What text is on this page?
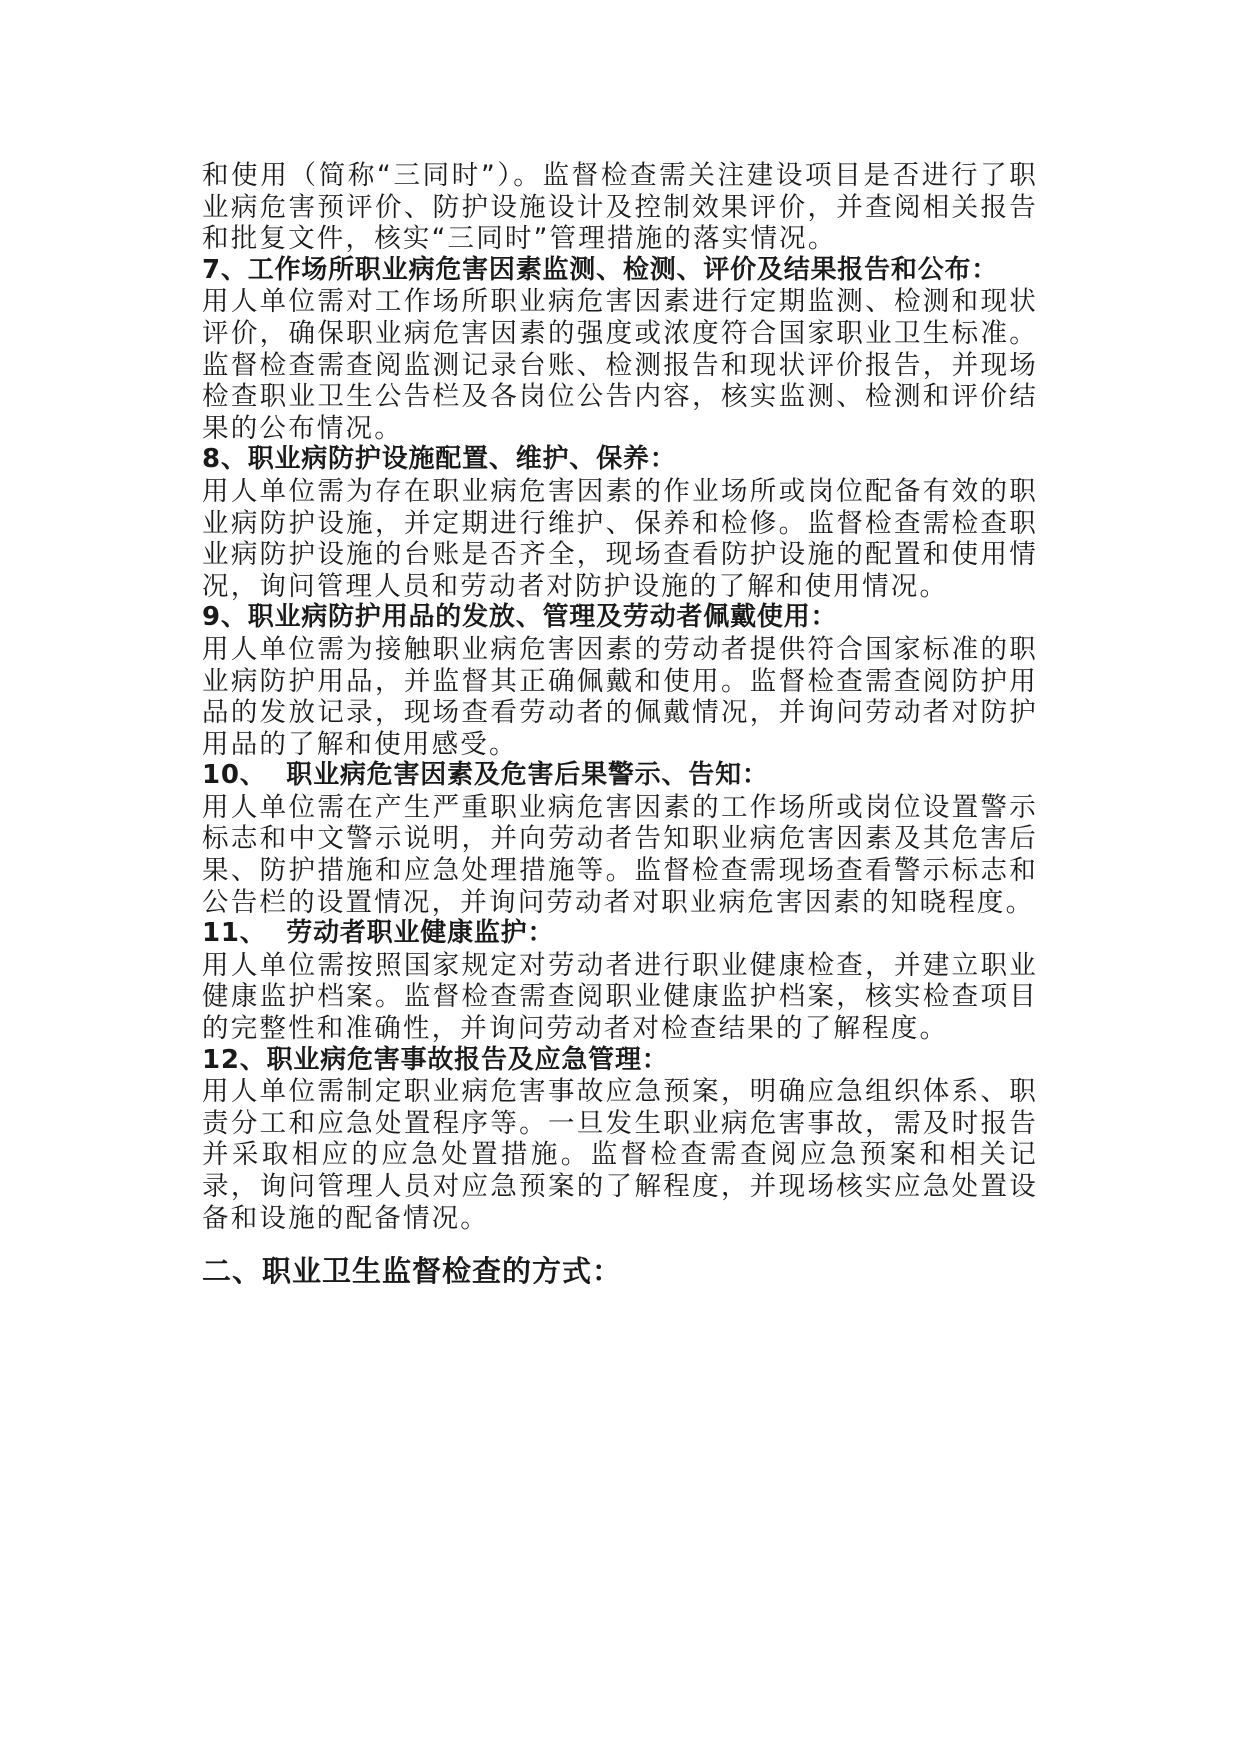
和使用（简称“三同时”）。监督检查需关注建设项目是否进行了职业病危害预评价、防护设施设计及控制效果评价，并查阅相关报告和批复文件，核实“三同时”管理措施的落实情况。

7、工作场所职业病危害因素监测、检测、评价及结果报告和公布：

用人单位需对工作场所职业病危害因素进行定期监测、检测和现状评价，确保职业病危害因素的强度或浓度符合国家职业卫生标准。监督检查需查阅监测记录台账、检测报告和现状评价报告，并现场检查职业卫生公告栏及各岗位公告内容，核实监测、检测和评价结果的公布情况。

8、职业病防护设施配置、维护、保养：

用人单位需为存在职业病危害因素的作业场所或岗位配备有效的职业病防护设施，并定期进行维护、保养和检修。监督检查需检查职业病防护设施的台账是否齐全，现场查看防护设施的配置和使用情况，询问管理人员和劳动者对防护设施的了解和使用情况。

9、职业病防护用品的发放、管理及劳动者佩戴使用：

用人单位需为接触职业病危害因素的劳动者提供符合国家标准的职业病防护用品，并监督其正确佩戴和使用。监督检查需查阅防护用品的发放记录，现场查看劳动者的佩戴情况，并询问劳动者对防护用品的了解和使用感受。

10、  职业病危害因素及危害后果警示、告知：

用人单位需在产生严重职业病危害因素的工作场所或岗位设置警示标志和中文警示说明，并向劳动者告知职业病危害因素及其危害后果、防护措施和应急处理措施等。监督检查需现场查看警示标志和公告栏的设置情况，并询问劳动者对职业病危害因素的知晓程度。

11、  劳动者职业健康监护：

用人单位需按照国家规定对劳动者进行职业健康检查，并建立职业健康监护档案。监督检查需查阅职业健康监护档案，核实检查项目的完整性和准确性，并询问劳动者对检查结果的了解程度。

12、职业病危害事故报告及应急管理：

用人单位需制定职业病危害事故应急预案，明确应急组织体系、职责分工和应急处置程序等。一旦发生职业病危害事故，需及时报告并采取相应的应急处置措施。监督检查需查阅应急预案和相关记录，询问管理人员对应急预案的了解程度，并现场核实应急处置设备和设施的配备情况。

二、职业卫生监督检查的方式：
